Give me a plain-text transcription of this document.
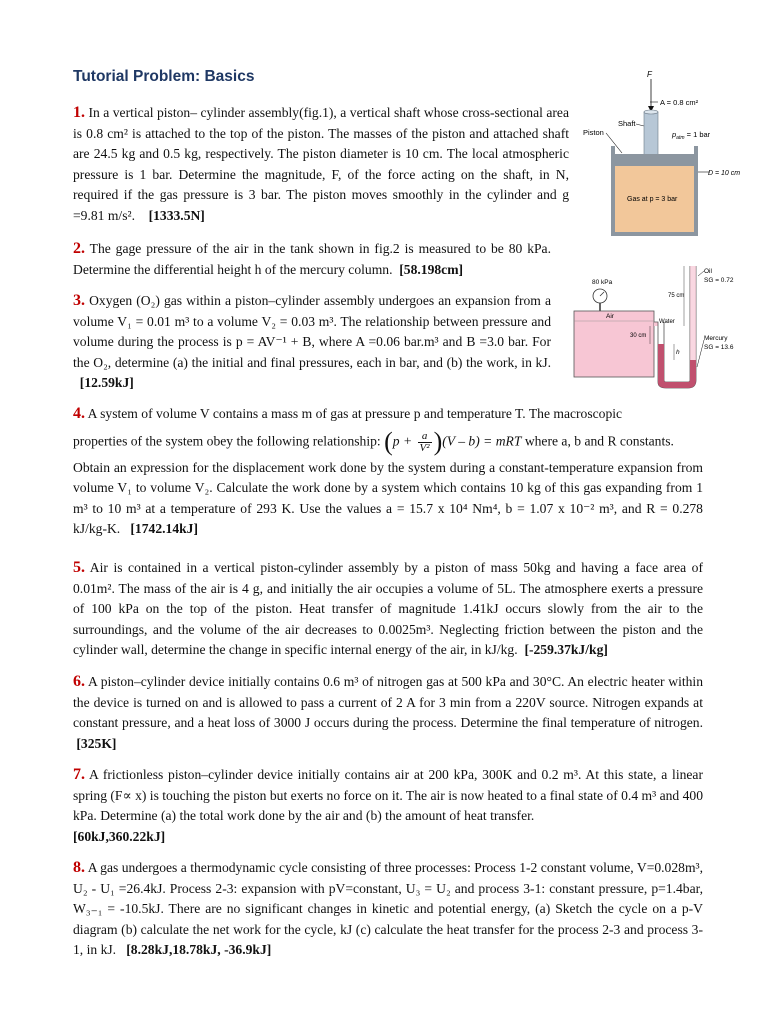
Tutorial Problem: Basics
1. In a vertical piston– cylinder assembly(fig.1), a vertical shaft whose cross-sectional area is 0.8 cm² is attached to the top of the piston. The masses of the piston and attached shaft are 24.5 kg and 0.5 kg, respectively. The piston diameter is 10 cm. The local atmospheric pressure is 1 bar. Determine the magnitude, F, of the force acting on the shaft, in N, required if the gas pressure is 3 bar. The piston moves smoothly in the cylinder and g =9.81 m/s². [1333.5N]
F
A = 0.8 cm²
Shaft
Piston	$p_{atm} = 1$ bar
Gas at p = 3 bar
D = 10 cm
2. The gage pressure of the air in the tank shown in fig.2 is measured to be 80 kPa. Determine the differential height h of the mercury column. [58.198cm]
80 kPa
Air
Oil
SG = 0.72
75 cm
Water
30 cm
h
Mercury
SG = 13.6
3. Oxygen (O₂) gas within a piston–cylinder assembly undergoes an expansion from a volume V₁ = 0.01 m³ to a volume V₂ = 0.03 m³. The relationship between pressure and volume during the process is p = AV⁻¹ + B, where A =0.06 bar.m³ and B =3.0 bar. For the O₂, determine (a) the initial and final pressures, each in bar, and (b) the work, in kJ.   [12.59kJ]
4. A system of volume V contains a mass m of gas at pressure p and temperature T. The macroscopic
properties of the system obey the following relationship: $(p + \frac{a}{\text{V²}} )(V - b)$ = mRT where a, b and R constants.
Obtain an expression for the displacement work done by the system during a constant-temperature expansion from volume V₁ to volume V₂. Calculate the work done by a system which contains 10 kg of this gas expanding from 1 m³ to 10 m³ at a temperature of 293 K. Use the values a = 15.7 x 10⁴ Nm⁴, b = 1.07 x 10⁻² m³, and R = 0.278 kJ/kg-K. [1742.14kJ]
5. Air is contained in a vertical piston-cylinder assembly by a piston of mass 50kg and having a face area of 0.01m². The mass of the air is 4 g, and initially the air occupies a volume of 5L. The atmosphere exerts a pressure of 100 kPa on the top of the piston. Heat transfer of magnitude 1.41kJ occurs slowly from the air to the surroundings, and the volume of the air decreases to 0.0025m³. Neglecting friction between the piston and the cylinder wall, determine the change in specific internal energy of the air, in kJ/kg. [-259.37kJ/kg]
6. A piston–cylinder device initially contains 0.6 m³ of nitrogen gas at 500 kPa and 30°C. An electric heater within the device is turned on and is allowed to pass a current of 2 A for 3 min from a 220V source. Nitrogen expands at constant pressure, and a heat loss of 3000 J occurs during the process. Determine the final temperature of nitrogen.  [325K]
7. A frictionless piston–cylinder device initially contains air at 200 kPa, 300K and 0.2 m³. At this state, a linear spring (F∝ x) is touching the piston but exerts no force on it. The air is now heated to a final state of 0.4 m³ and 400 kPa. Determine (a) the total work done by the air and (b) the amount of heat transfer.
[60kJ,360.22kJ]
8. A gas undergoes a thermodynamic cycle consisting of three processes: Process 1-2 constant volume, V=0.028m³, U₂ - U₁ =26.4kJ. Process 2-3: expansion with pV=constant, U₃ = U₂ and process 3-1: constant pressure, p=1.4bar, W₃₋₁ = -10.5kJ. There are no significant changes in kinetic and potential energy, (a) Sketch the cycle on a p-V diagram (b) calculate the net work for the cycle, kJ (c) calculate the heat transfer for the process 2-3 and process 3-1, in kJ. [8.28kJ,18.78kJ, -36.9kJ]
